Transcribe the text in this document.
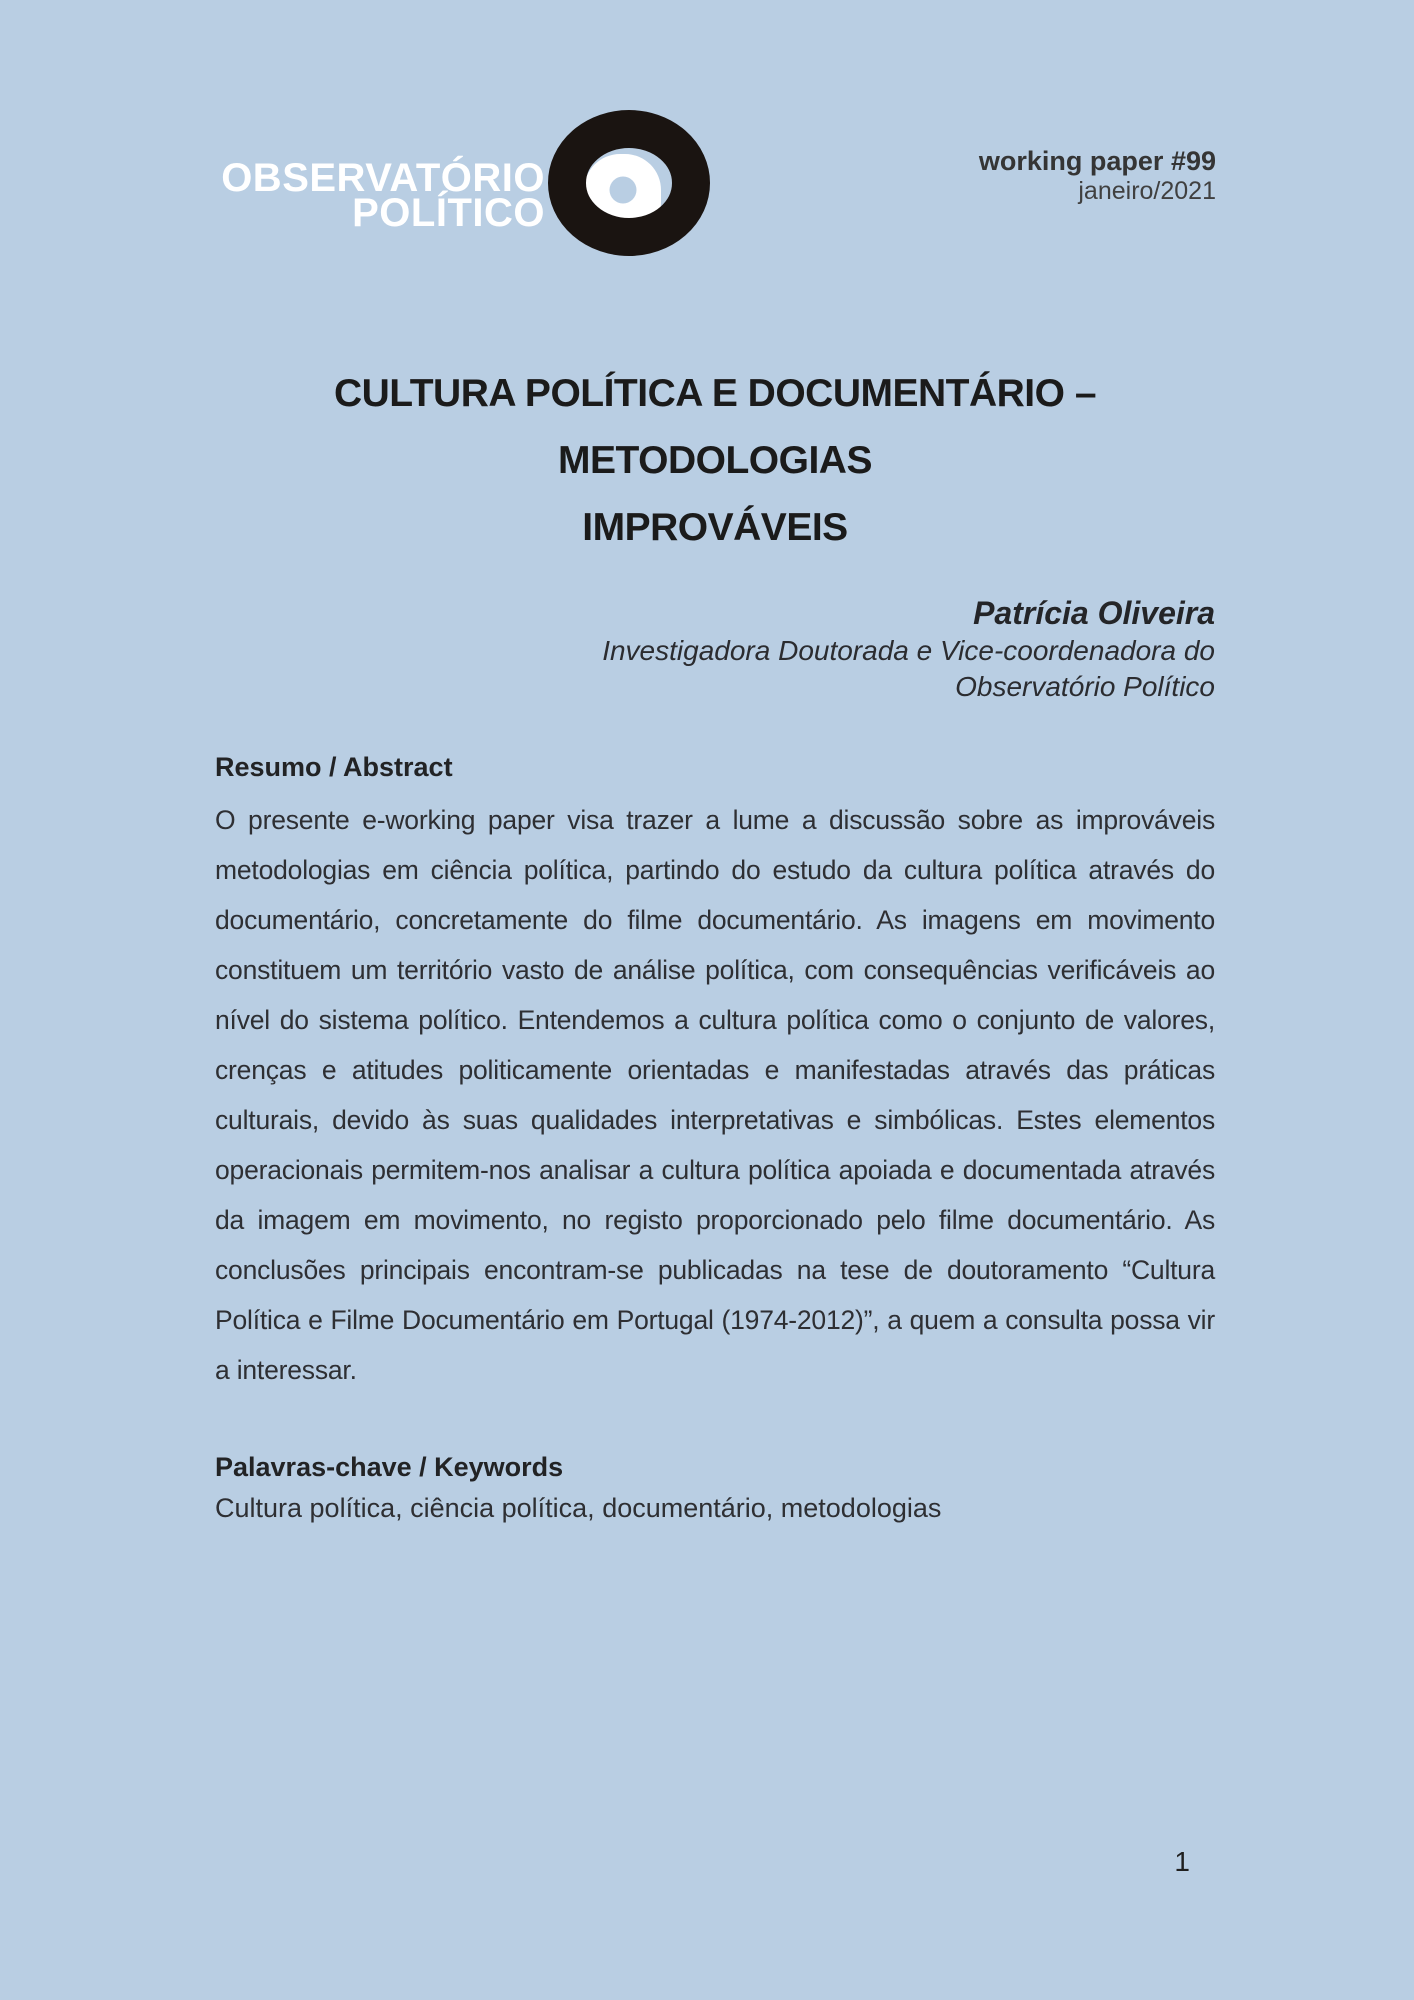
OBSERVATÓRIO
POLÍTICO
working paper #99
janeiro/2021
CULTURA POLÍTICA E DOCUMENTÁRIO – METODOLOGIAS
IMPROVÁVEIS
Patrícia Oliveira
Investigadora Doutorada e Vice-coordenadora do
Observatório Político
Resumo / Abstract

O presente e-working paper visa trazer a lume a discussão sobre as improváveis metodologias em ciência política, partindo do estudo da cultura política através do documentário, concretamente do filme documentário. As imagens em movimento constituem um território vasto de análise política, com consequências verificáveis ao nível do sistema político. Entendemos a cultura política como o conjunto de valores, crenças e atitudes politicamente orientadas e manifestadas através das práticas culturais, devido às suas qualidades interpretativas e simbólicas. Estes elementos operacionais permitem-nos analisar a cultura política apoiada e documentada através da imagem em movimento, no registo proporcionado pelo filme documentário. As conclusões principais encontram-se publicadas na tese de doutoramento “Cultura Política e Filme Documentário em Portugal (1974-2012)”, a quem a consulta possa vir a interessar.

Palavras-chave / Keywords

Cultura política, ciência política, documentário, metodologias

1
